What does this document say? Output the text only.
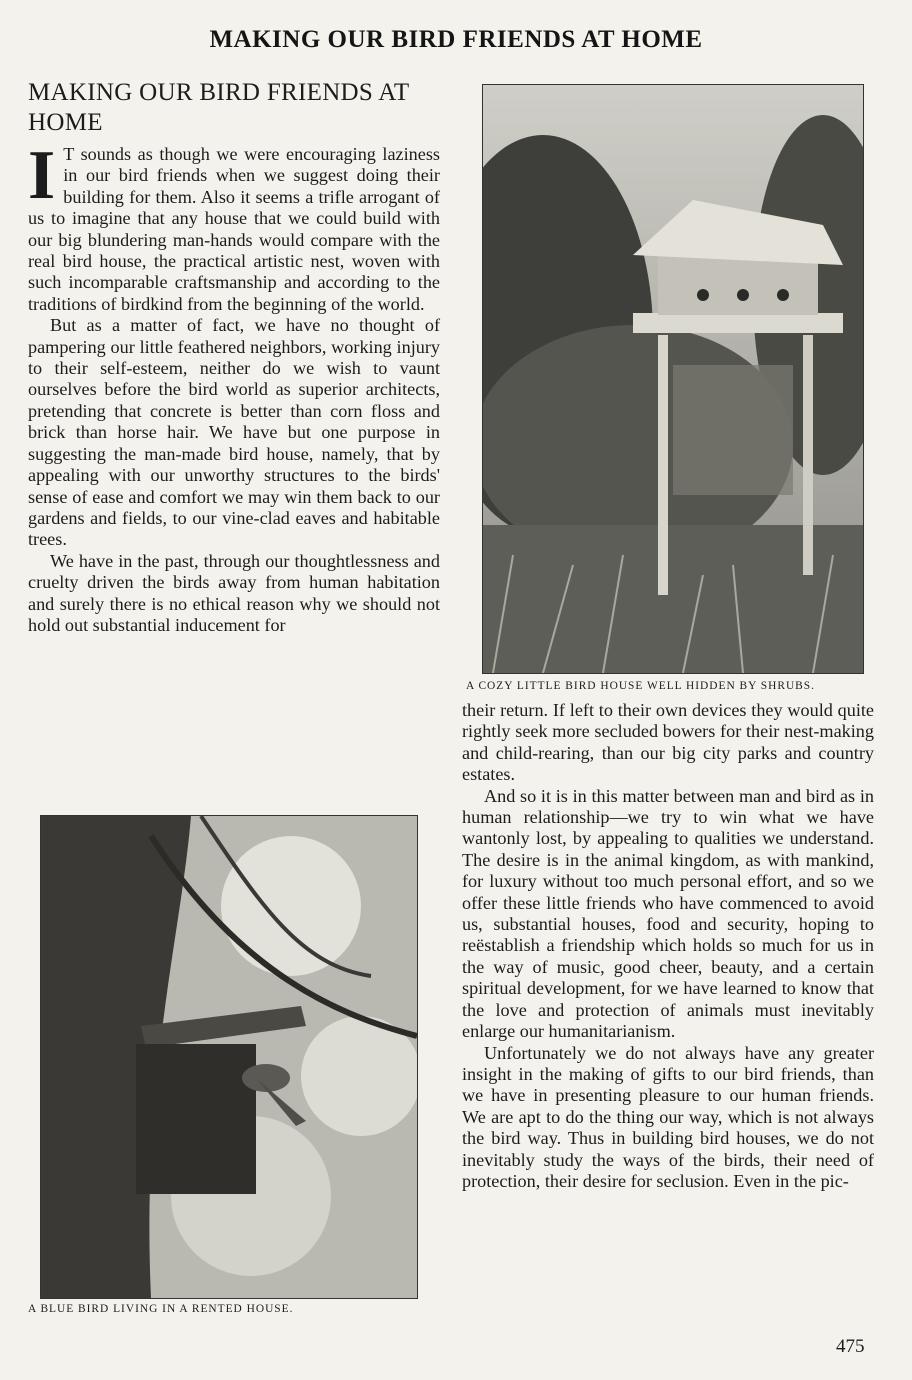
MAKING OUR BIRD FRIENDS AT HOME
MAKING OUR BIRD FRIENDS AT HOME

I T sounds as though we were encouraging laziness in our bird friends when we suggest doing their building for them. Also it seems a trifle arrogant of us to imagine that any house that we could build with our big blundering man-hands would compare with the real bird house, the practical artistic nest, woven with such incomparable craftsmanship and according to the traditions of birdkind from the beginning of the world.

But as a matter of fact, we have no thought of pampering our little feathered neighbors, working injury to their self-esteem, neither do we wish to vaunt ourselves before the bird world as superior architects, pretending that concrete is better than corn floss and brick than horse hair. We have but one purpose in suggesting the man-made bird house, namely, that by appealing with our unworthy structures to the birds' sense of ease and comfort we may win them back to our gardens and fields, to our vine-clad eaves and habitable trees.

We have in the past, through our thoughtlessness and cruelty driven the birds away from human habitation and surely there is no ethical reason why we should not hold out substantial inducement for

A COZY LITTLE BIRD HOUSE WELL HIDDEN BY SHRUBS.
A BLUE BIRD LIVING IN A RENTED HOUSE.

their return. If left to their own devices they would quite rightly seek more secluded bowers for their nest-making and child-rearing, than our big city parks and country estates.

And so it is in this matter between man and bird as in human relationship—we try to win what we have wantonly lost, by appealing to qualities we understand. The desire is in the animal kingdom, as with mankind, for luxury without too much personal effort, and so we offer these little friends who have commenced to avoid us, substantial houses, food and security, hoping to reëstablish a friendship which holds so much for us in the way of music, good cheer, beauty, and a certain spiritual development, for we have learned to know that the love and protection of animals must inevitably enlarge our humanitarianism.

Unfortunately we do not always have any greater insight in the making of gifts to our bird friends, than we have in presenting pleasure to our human friends. We are apt to do the thing our way, which is not always the bird way. Thus in building bird houses, we do not inevitably study the ways of the birds, their need of protection, their desire for seclusion. Even in the pic-

475
